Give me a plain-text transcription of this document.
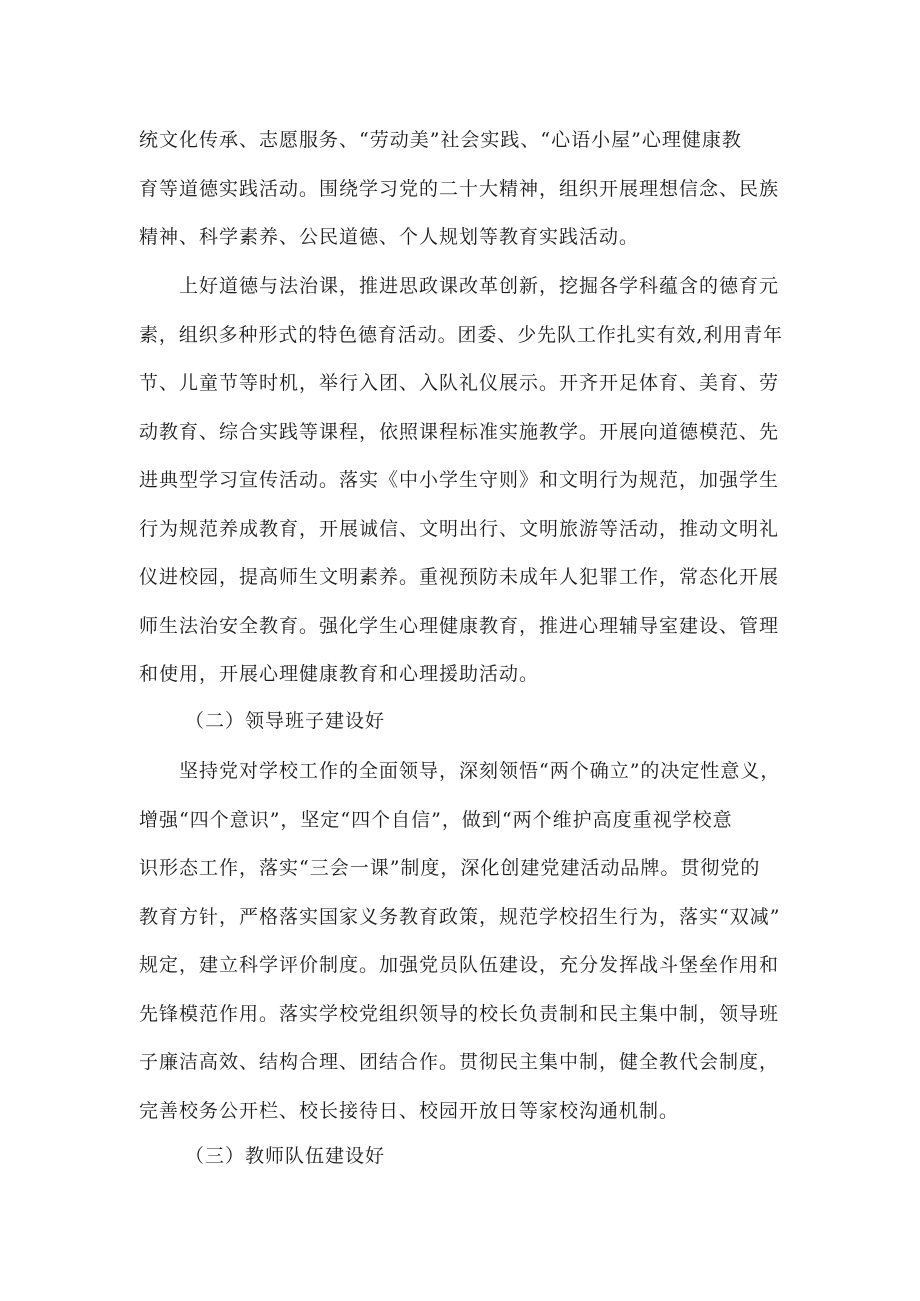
统文化传承、志愿服务、“劳动美”社会实践、“心语小屋”心理健康教
育等道德实践活动。围绕学习党的二十大精神，组织开展理想信念、民族
精神、科学素养、公民道德、个人规划等教育实践活动。
上好道德与法治课，推进思政课改革创新，挖掘各学科蕴含的德育元
素，组织多种形式的特色德育活动。团委、少先队工作扎实有效,利用青年
节、儿童节等时机，举行入团、入队礼仪展示。开齐开足体育、美育、劳
动教育、综合实践等课程，依照课程标准实施教学。开展向道德模范、先
进典型学习宣传活动。落实《中小学生守则》和文明行为规范，加强学生
行为规范养成教育，开展诚信、文明出行、文明旅游等活动，推动文明礼
仪进校园，提高师生文明素养。重视预防未成年人犯罪工作，常态化开展
师生法治安全教育。强化学生心理健康教育，推进心理辅导室建设、管理
和使用，开展心理健康教育和心理援助活动。
（二）领导班子建设好
坚持党对学校工作的全面领导，深刻领悟“两个确立”的决定性意义，
增强“四个意识”，坚定“四个自信”，做到“两个维护高度重视学校意
识形态工作，落实“三会一课”制度，深化创建党建活动品牌。贯彻党的
教育方针，严格落实国家义务教育政策，规范学校招生行为，落实“双减”
规定，建立科学评价制度。加强党员队伍建设，充分发挥战斗堡垒作用和
先锋模范作用。落实学校党组织领导的校长负责制和民主集中制，领导班
子廉洁高效、结构合理、团结合作。贯彻民主集中制，健全教代会制度，
完善校务公开栏、校长接待日、校园开放日等家校沟通机制。
（三）教师队伍建设好
